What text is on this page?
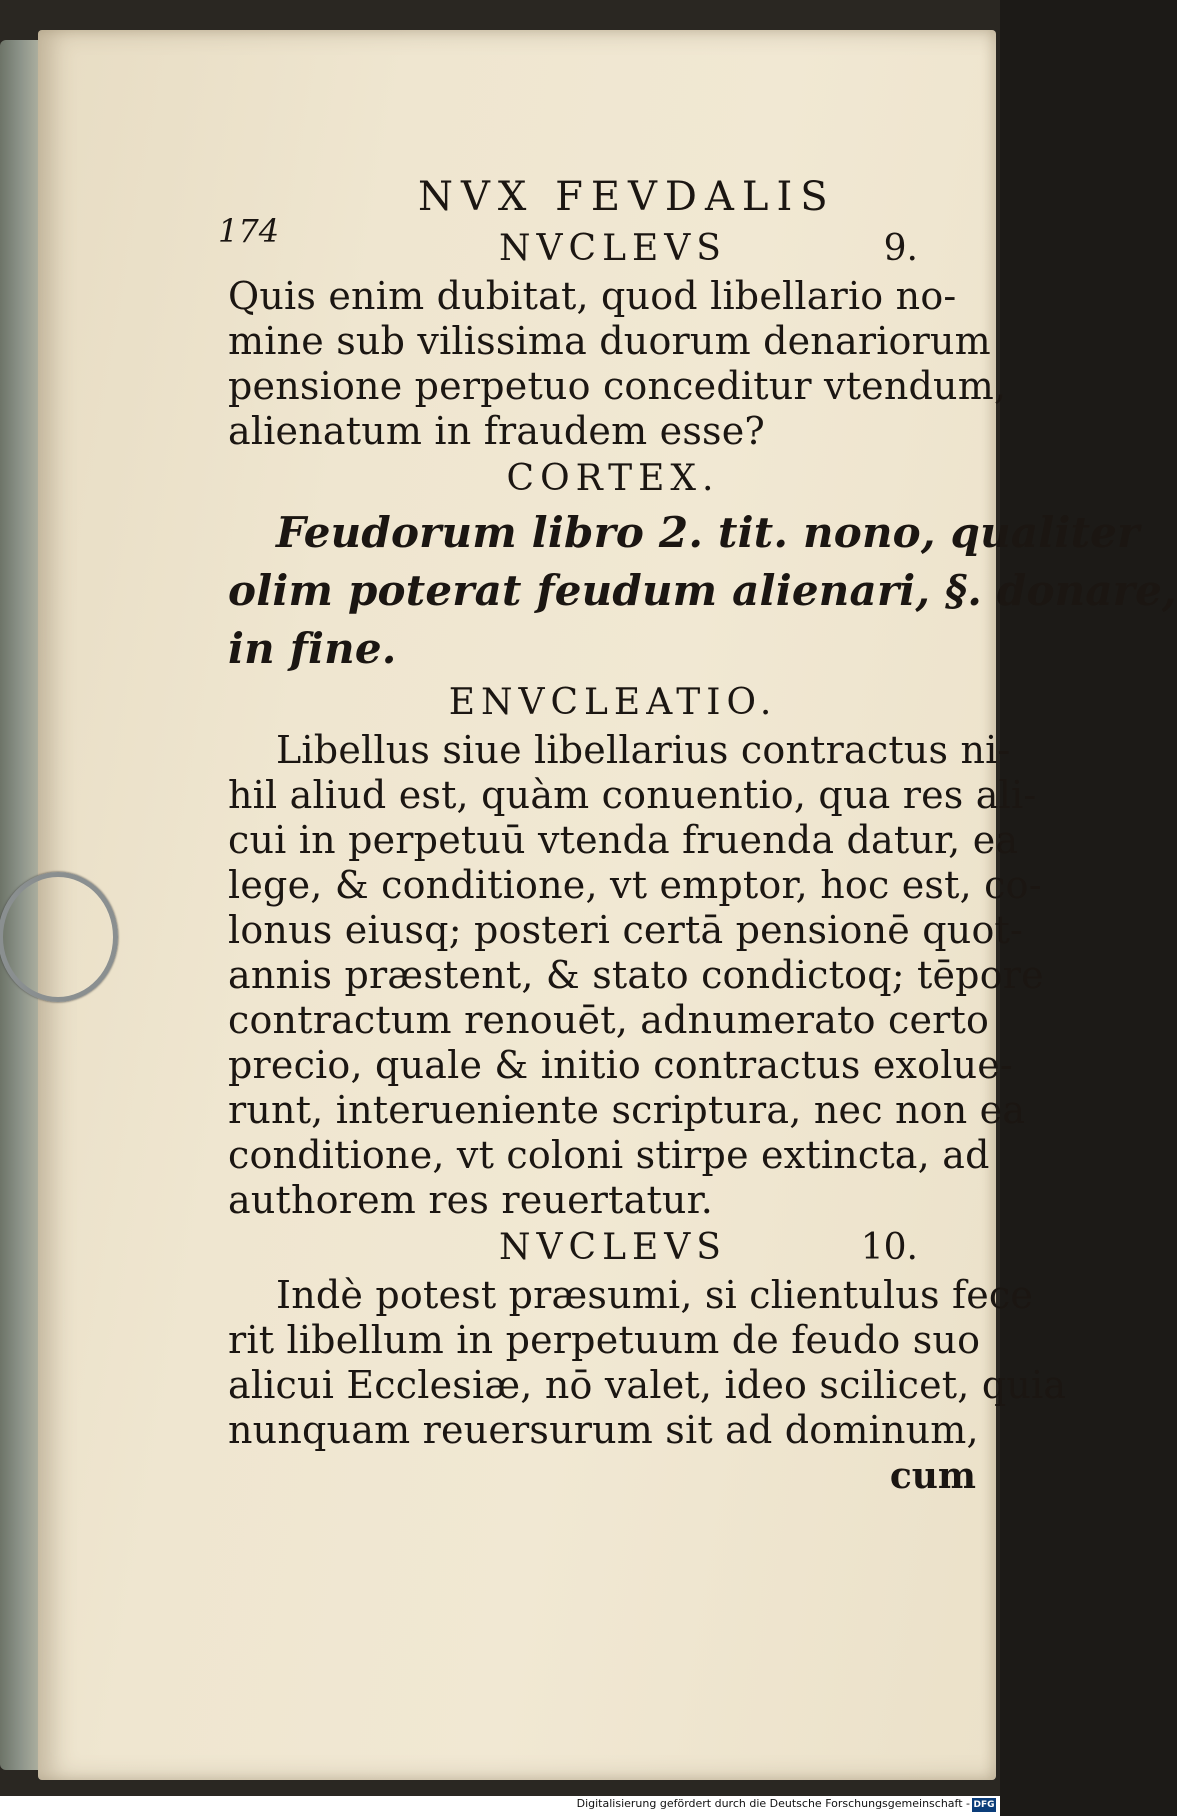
174
NVX FEVDALIS
NVCLEVS	9.
Quis enim dubitat, quod libellario no-
mine sub vilissima duorum denariorum
pensione perpetuo conceditur vtendum,
alienatum in fraudem esse?
CORTEX.
Feudorum libro 2. tit. nono, qualiter
olim poterat feudum alienari, §. donare,
in fine.
ENVCLEATIO.
Libellus siue libellarius contractus ni-
hil aliud est, quàm conuentio, qua res ali-
cui in perpetuū vtenda fruenda datur, ea
lege, & conditione, vt emptor, hoc est, co-
lonus eiusq; posteri certā pensionē quot-
annis præstent, & stato condictoq; tēpore
contractum renouēt, adnumerato certo
precio, quale & initio contractus exolue-
runt, interueniente scriptura, nec non ea
conditione, vt coloni stirpe extincta, ad
authorem res reuertatur.
NVCLEVS	10.
Indè potest præsumi, si clientulus fece
rit libellum in perpetuum de feudo suo
alicui Ecclesiæ, nō valet, ideo scilicet, quia
nunquam reuersurum sit ad dominum,
cum
Digitalisierung gefördert durch die Deutsche Forschungsgemeinschaft - DFG
